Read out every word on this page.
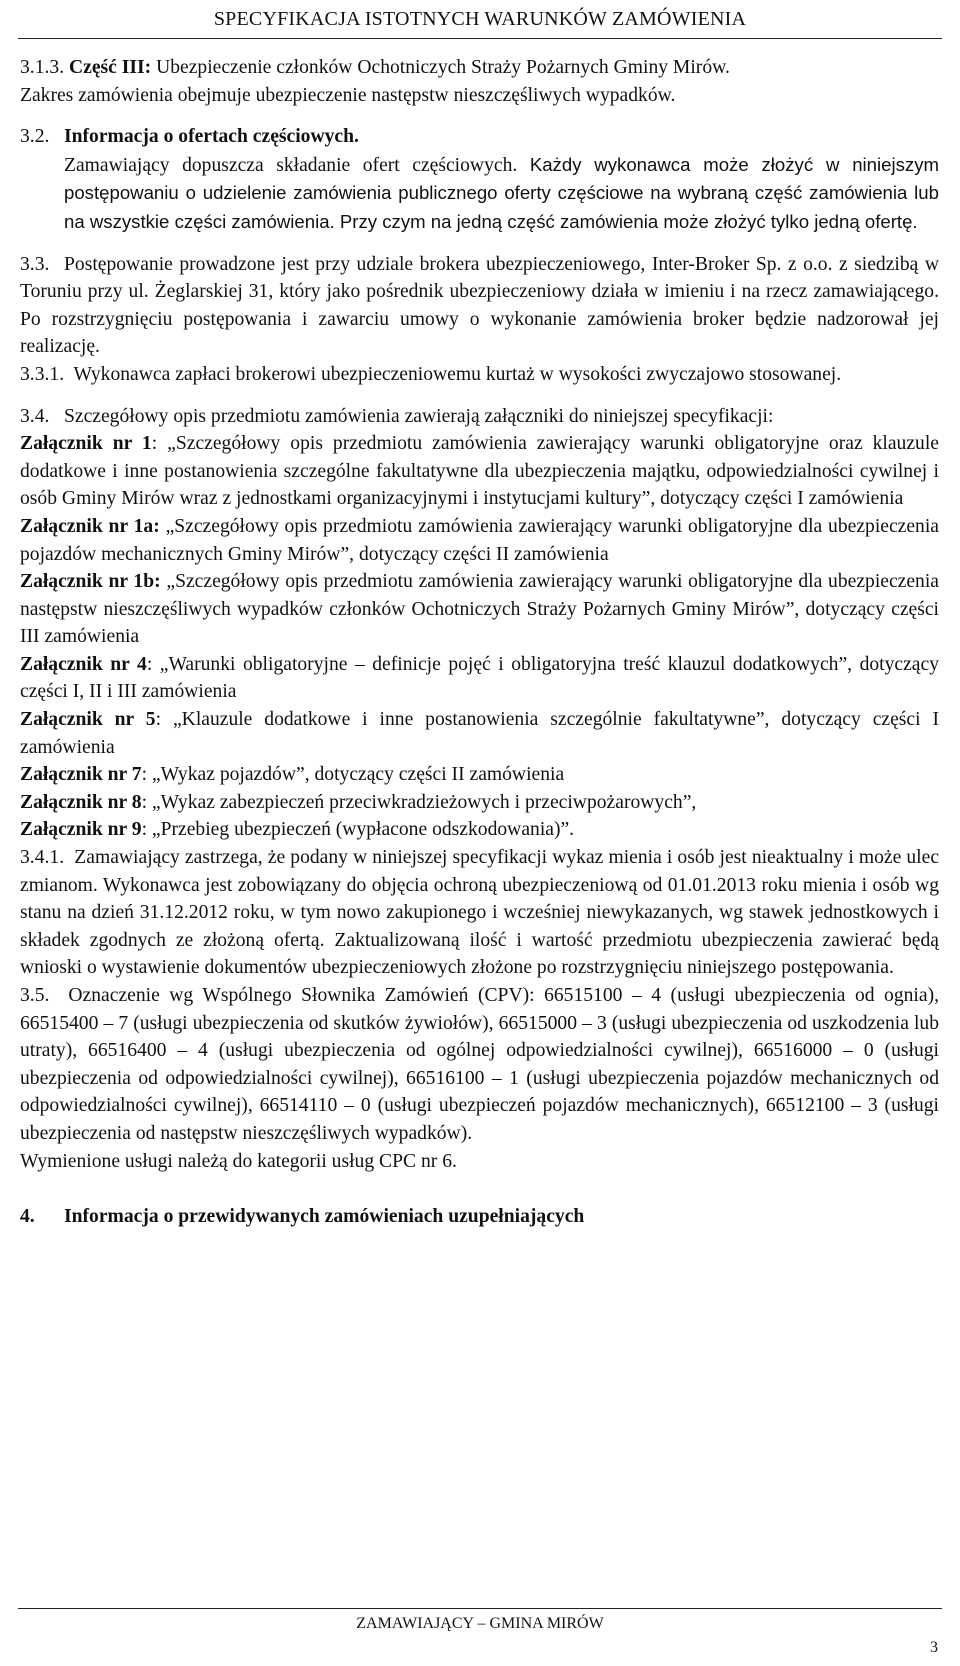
SPECYFIKACJA ISTOTNYCH WARUNKÓW ZAMÓWIENIA

3.1.3. Część III: Ubezpieczenie członków Ochotniczych Straży Pożarnych Gminy Mirów.
Zakres zamówienia obejmuje ubezpieczenie następstw nieszczęśliwych wypadków.

3.2. Informacja o ofertach częściowych.

Zamawiający dopuszcza składanie ofert częściowych. Każdy wykonawca może złożyć w niniejszym postępowaniu o udzielenie zamówienia publicznego oferty częściowe na wybraną część zamówienia lub na wszystkie części zamówienia. Przy czym na jedną część zamówienia może złożyć tylko jedną ofertę.

3.3. Postępowanie prowadzone jest przy udziale brokera ubezpieczeniowego, Inter-Broker Sp. z o.o. z siedzibą w Toruniu przy ul. Żeglarskiej 31, który jako pośrednik ubezpieczeniowy działa w imieniu i na rzecz zamawiającego. Po rozstrzygnięciu postępowania i zawarciu umowy o wykonanie zamówienia broker będzie nadzorował jej realizację.

3.3.1. Wykonawca zapłaci brokerowi ubezpieczeniowemu kurtaż w wysokości zwyczajowo stosowanej.

3.4. Szczegółowy opis przedmiotu zamówienia zawierają załączniki do niniejszej specyfikacji:

Załącznik nr 1: „Szczegółowy opis przedmiotu zamówienia zawierający warunki obligatoryjne oraz klauzule dodatkowe i inne postanowienia szczególne fakultatywne dla ubezpieczenia majątku, odpowiedzialności cywilnej i osób Gminy Mirów wraz z jednostkami organizacyjnymi i instytucjami kultury”, dotyczący części I zamówienia

Załącznik nr 1a: „Szczegółowy opis przedmiotu zamówienia zawierający warunki obligatoryjne dla ubezpieczenia pojazdów mechanicznych Gminy Mirów”, dotyczący części II zamówienia

Załącznik nr 1b: „Szczegółowy opis przedmiotu zamówienia zawierający warunki obligatoryjne dla ubezpieczenia następstw nieszczęśliwych wypadków członków Ochotniczych Straży Pożarnych Gminy Mirów”, dotyczący części III zamówienia

Załącznik nr 4: „Warunki obligatoryjne – definicje pojęć i obligatoryjna treść klauzul dodatkowych”, dotyczący części I, II i III zamówienia

Załącznik nr 5: „Klauzule dodatkowe i inne postanowienia szczególnie fakultatywne”, dotyczący części I zamówienia

Załącznik nr 7: „Wykaz pojazdów”, dotyczący części II zamówienia

Załącznik nr 8: „Wykaz zabezpieczeń przeciwkradzieżowych i przeciwpożarowych”,

Załącznik nr 9: „Przebieg ubezpieczeń (wypłacone odszkodowania)”.

3.4.1. Zamawiający zastrzega, że podany w niniejszej specyfikacji wykaz mienia i osób jest nieaktualny i może ulec zmianom. Wykonawca jest zobowiązany do objęcia ochroną ubezpieczeniową od 01.01.2013 roku mienia i osób wg stanu na dzień 31.12.2012 roku, w tym nowo zakupionego i wcześniej niewykazanych, wg stawek jednostkowych i składek zgodnych ze złożoną ofertą. Zaktualizowaną ilość i wartość przedmiotu ubezpieczenia zawierać będą wnioski o wystawienie dokumentów ubezpieczeniowych złożone po rozstrzygnięciu niniejszego postępowania.

3.5. Oznaczenie wg Wspólnego Słownika Zamówień (CPV): 66515100 – 4 (usługi ubezpieczenia od ognia), 66515400 – 7 (usługi ubezpieczenia od skutków żywiołów), 66515000 – 3 (usługi ubezpieczenia od uszkodzenia lub utraty), 66516400 – 4 (usługi ubezpieczenia od ogólnej odpowiedzialności cywilnej), 66516000 – 0 (usługi ubezpieczenia od odpowiedzialności cywilnej), 66516100 – 1 (usługi ubezpieczenia pojazdów mechanicznych od odpowiedzialności cywilnej), 66514110 – 0 (usługi ubezpieczeń pojazdów mechanicznych), 66512100 – 3 (usługi ubezpieczenia od następstw nieszczęśliwych wypadków).

Wymienione usługi należą do kategorii usług CPC nr 6.

4. Informacja o przewidywanych zamówieniach uzupełniających

ZAMAWIAJĄCY – GMINA MIRÓW
3
